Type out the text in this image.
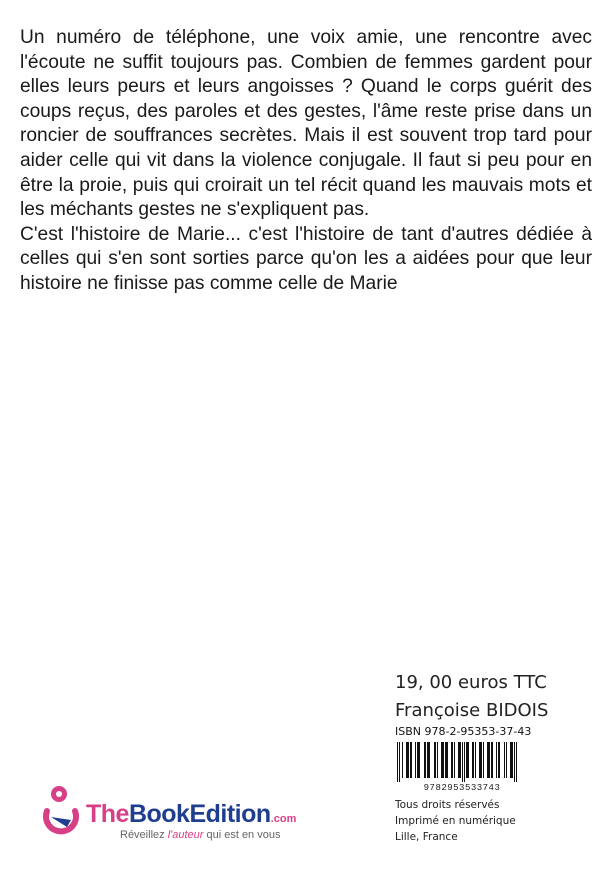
Un numéro de téléphone, une voix amie, une rencontre avec l'écoute ne suffit toujours pas. Combien de femmes gardent pour elles leurs peurs et leurs angoisses ? Quand le corps guérit des coups reçus, des paroles et des gestes, l'âme reste prise dans un roncier de souffrances secrètes. Mais il est souvent trop tard pour aider celle qui vit dans la violence conjugale. Il faut si peu pour en être la proie, puis qui croirait un tel récit quand les mauvais mots et les méchants gestes ne s'expliquent pas.

C'est l'histoire de Marie... c'est l'histoire de tant d'autres dédiée à celles qui s'en sont sorties parce qu'on les a aidées pour que leur histoire ne finisse pas comme celle de Marie

19, 00 euros TTC
Françoise BIDOIS
ISBN 978-2-95353-37-43
9782953533743
Tous droits réservés
Imprimé en numérique
Lille, France
TheBookEdition.com
Réveillez l'auteur qui est en vous
